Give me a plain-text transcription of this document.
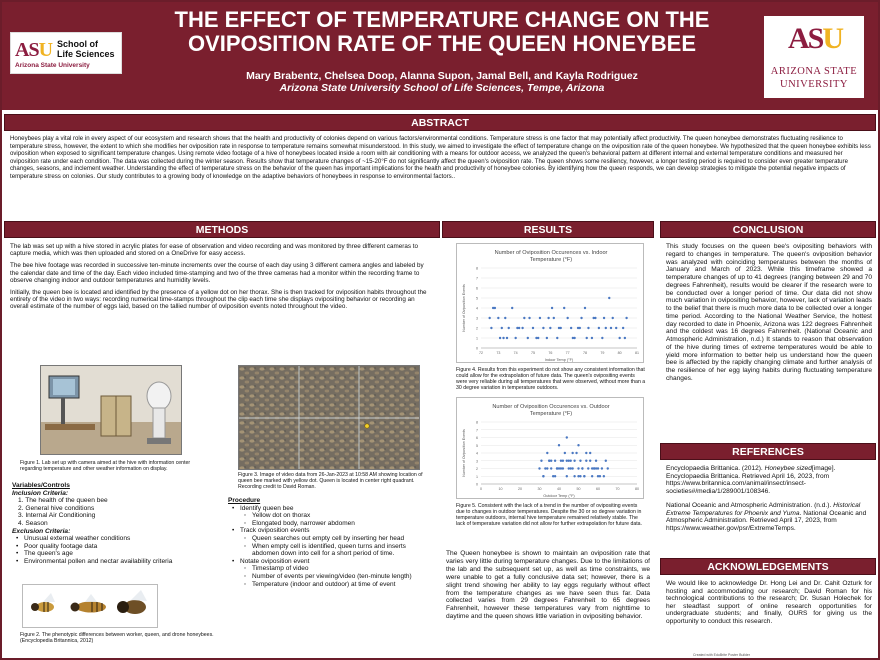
ASU School of
Life Sciences
Arizona State University
THE EFFECT OF TEMPERATURE CHANGE ON THE
OVIPOSITION RATE OF THE QUEEN HONEYBEE
Mary Brabentz, Chelsea Doop, Alanna Supon, Jamal Bell, and Kayla Rodriguez
Arizona State University School of Life Sciences, Tempe, Arizona
ASU
ARIZONA STATE
UNIVERSITY
ABSTRACT
Honeybees play a vital role in every aspect of our ecosystem and research shows that the health and productivity of colonies depend on various factors/environmental conditions. Temperature stress is one factor that may potentially affect productivity. The queen honeybee demonstrates fluctuating resilience to temperature stress, however, the extent to which she modifies her oviposition rate in response to temperature remains somewhat misunderstood. In this study, we aimed to investigate the effect of temperature change on the oviposition rate of the queen honeybee. We hypothesized that the queen honeybee exhibits less oviposition when exposed to significant temperature changes. Using remote video footage of a hive of honeybees located inside a room with air conditioning with a means for outdoor access, we analyzed the queen's behavioral pattern at different internal and external temperature conditions and measured her oviposition rate under each condition. The data was collected during the winter season. Results show that temperature changes of ~15-20°F do not significantly affect the queen's oviposition rate. The queen shows some resiliency, however, a longer testing period is required to consider even greater temperature changes, seasons, and inclement weather. Understanding the effect of temperature stress on the behavior of the queen has important implications for the health and productivity of honeybee colonies. By identifying how the queen responds, we can develop strategies to mitigate the potential negative impacts of temperature stress on colonies. Our study contributes to a growing body of knowledge on the adaptive behaviors of honeybees in response to environmental factors..
METHODS

The lab was set up with a hive stored in acrylic plates for ease of observation and video recording and was monitored by three different cameras to capture media, which was then uploaded and stored on a OneDrive for easy access.

The bee hive footage was recorded in successive ten-minute increments over the course of each day using 3 different camera angles and labeled by the calendar date and time of the day. Each video included time-stamping and two of the three cameras had a monitor within the recording frame to observe changing indoor and outdoor temperatures and humidity levels.

Initially, the queen bee is located and identified by the presence of a yellow dot on her thorax. She is then tracked for oviposition habits throughout the entirety of the video in two ways: recording numerical time-stamps throughout the clip each time she displays ovipositing behavior or recording an overall estimate of the number of eggs laid, based on the tallied number of oviposition events noted throughout the video.

Figure 1. Lab set up with camera aimed at the hive with information center regarding temperature and other weather information on display.
Figure 3. Image of video data from 26-Jan-2023 at 10:58 AM showing location of queen bee marked with yellow dot. Queen is located in center right quadrant. Recording credit to David Roman.
Variables/Controls
Inclusion Criteria:
1. The health of the queen bee
2. General hive conditions
3. Internal Air Conditioning
4. Season
Exclusion Criteria:
• Unusual external weather conditions
• Poor quality footage data
• The queen's age
• Environmental pollen and nectar availability criteria
Figure 2. The phenotypic differences between worker, queen, and drone honeybees. (Encyclopedia Britannica, 2012)
Procedure
• Identify queen bee
◦ Yellow dot on thorax
◦ Elongated body, narrower abdomen
• Track oviposition events
◦ Queen searches out empty cell by inserting her head
◦ When empty cell is identified, queen turns and inserts abdomen down into cell for a short period of time.
• Notate oviposition event
◦ Timestamp of video
◦ Number of events per viewing/video (ten-minute length)
◦ Temperature (indoor and outdoor) at time of event
RESULTS
Number of Oviposition Occurences vs. Indoor
Temperature (°F)
0
1
2
3
4
5
6
7
8
72	73	74	75	76	77	78	79	80	81
Indoor Temp (°F)
Number of Oviposition Events
Figure 4. Results from this experiment do not show any consistent information that could allow for the extrapolation of future data. The queen's ovipositing events were very reliable during all temperatures that were observed, without more than a 30 degree variation in temperature outdoors.
Number of Oviposition Occurences vs. Outdoor
Temperature (°F)
0
1
2
3
4
5
6
7
8
0	10	20	30	40	50	60	70	80
Outdoor Temp (°F)
Number of Oviposition Events
Figure 5. Consistent with the lack of a trend in the number of ovipositing events due to changes in outdoor temperatures. Despite the 30 or so degree variation in temperature outdoors, internal hive temperature remained relatively stable. The lack of temperature variation did not allow for further extrapolation for future data.
The Queen honeybee is shown to maintain an oviposition rate that varies very little during temperature changes. Due to the limitations of the lab and the subsequent set up, as well as time constraints, we were unable to get a fully conclusive data set; however, there is a slight trend showing her ability to lay eggs regularly without effect from the temperature changes as we have seen thus far. Data collected varies from 29 degrees Fahrenheit to 65 degrees Fahrenheit, however these temperatures vary from nighttime to daytime and the queen shows little variation in ovipositing behavior.
CONCLUSION
This study focuses on the queen bee's ovipositing behaviors with regard to changes in temperature. The queen's oviposition behavior was analyzed with coinciding temperatures between the months of January and March of 2023. While this timeframe showed a temperature changes of up to 41 degrees (ranging between 29 and 70 degrees Fahrenheit), results would be clearer if the research were to be conducted over a longer period of time. Our data did not show much variation in ovipositing behavior, however, lack of variation leads to the belief that there is much more data to be collected over a longer time period. According to the National Weather Service, the hottest day recorded to date in Phoenix, Arizona was 122 degrees Fahrenheit and the coldest was 16 degrees Fahrenheit. (National Oceanic and Atmospheric Administration, n.d.) It stands to reason that observation of the hive during times of extreme temperatures would be able to yield more information to better help us understand how the queen bee is affected by the rapidly changing climate and further analysis of the resilience of her egg laying habits during fluctuating temperature changes.
REFERENCES

Encyclopaedia Brittanica. (2012). Honeybee sized[image]. Encyclopaedia Brittanica. Retrieved April 16, 2023, from https://www.britannica.com/animal/insect/insect-societies#/media/1/289001/108346.

National Oceanic and Atmospheric Administration. (n.d.). Historical Extreme Temperatures for Phoenix and Yuma. National Oceanic and Atmospheric Administration. Retrieved April 17, 2023, from https://www.weather.gov/psr/ExtremeTemps.

ACKNOWLEDGEMENTS
We would like to acknowledge Dr. Hong Lei and Dr. Cahit Ozturk for hosting and accommodating our research; David Roman for his technological contributions to the research; Dr. Susan Holechek for her steadfast support of online research opportunities for undergraduate students; and finally, OURS for giving us the opportunity to conduct this research.
Created with EduBrite Poster Builder
